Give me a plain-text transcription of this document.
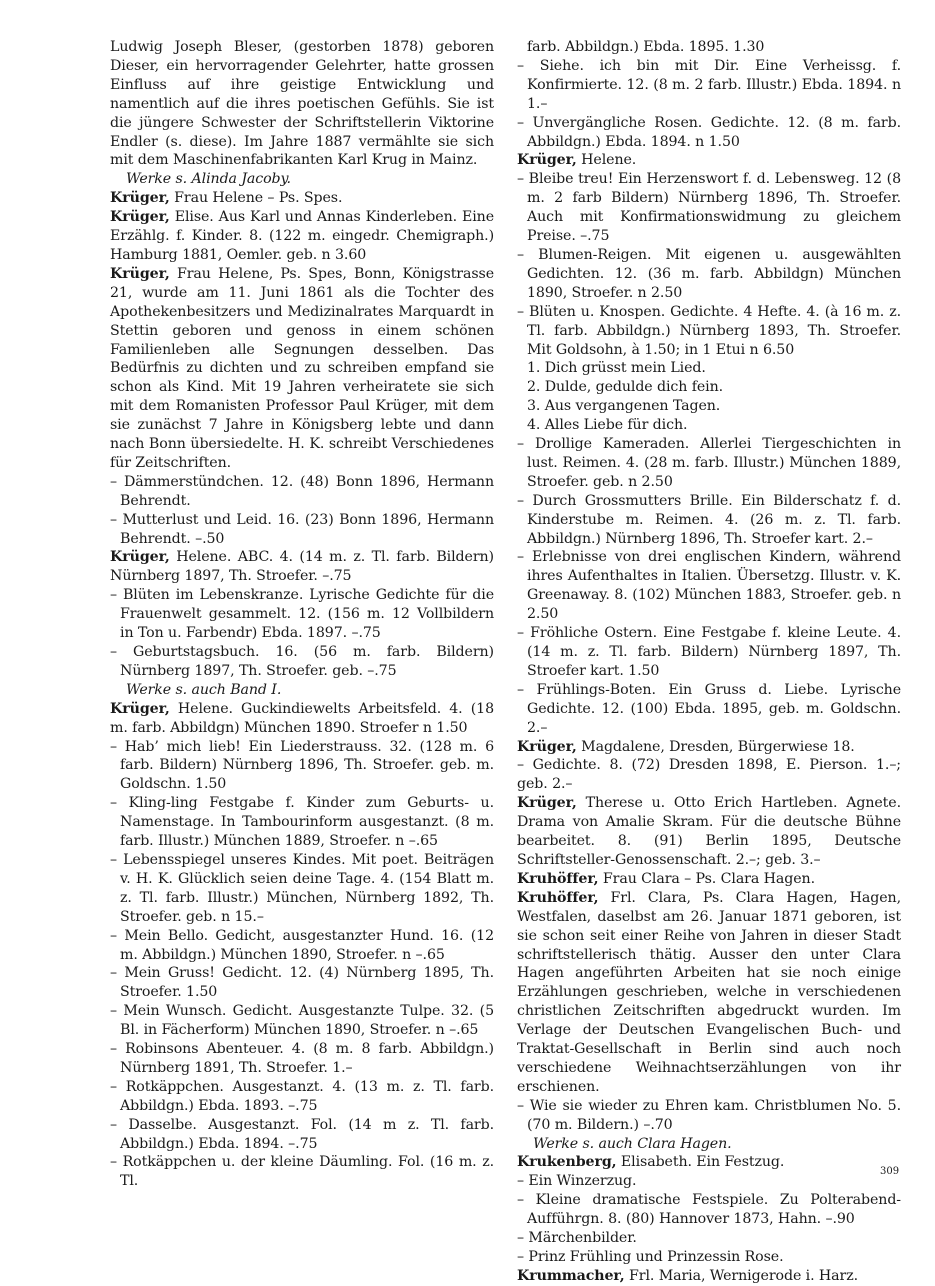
Ludwig Joseph Bleser, (gestorben 1878) geboren Dieser, ein hervorragender Gelehrter, hatte grossen Einfluss auf ihre geistige Entwicklung und namentlich auf die ihres poetischen Gefühls. Sie ist die jüngere Schwester der Schriftstellerin Viktorine Endler (s. diese). Im Jahre 1887 vermählte sie sich mit dem Maschinenfabrikanten Karl Krug in Mainz.
Werke s. Alinda Jacoby.
Krüger, Frau Helene – Ps. Spes.
Krüger, Elise. Aus Karl und Annas Kinderleben. Eine Erzählg. f. Kinder. 8. (122 m. eingedr. Chemigraph.) Hamburg 1881, Oemler. geb. n 3.60
Krüger, Frau Helene, Ps. Spes, Bonn, Königstrasse 21, wurde am 11. Juni 1861 als die Tochter des Apothekenbesitzers und Medizinalrates Marquardt in Stettin geboren und genoss in einem schönen Familienleben alle Segnungen desselben. Das Bedürfnis zu dichten und zu schreiben empfand sie schon als Kind. Mit 19 Jahren verheiratete sie sich mit dem Romanisten Professor Paul Krüger, mit dem sie zunächst 7 Jahre in Königsberg lebte und dann nach Bonn übersiedelte. H. K. schreibt Verschiedenes für Zeitschriften.
– Dämmerstündchen. 12. (48) Bonn 1896, Hermann Behrendt.
– Mutterlust und Leid. 16. (23) Bonn 1896, Hermann Behrendt. –.50
Krüger, Helene. ABC. 4. (14 m. z. Tl. farb. Bildern) Nürnberg 1897, Th. Stroefer. –.75
– Blüten im Lebenskranze. Lyrische Gedichte für die Frauenwelt gesammelt. 12. (156 m. 12 Vollbildern in Ton u. Farbendr) Ebda. 1897. –.75
– Geburtstagsbuch. 16. (56 m. farb. Bildern) Nürnberg 1897, Th. Stroefer. geb. –.75
Werke s. auch Band I.
Krüger, Helene. Guckindiewelts Arbeitsfeld. 4. (18 m. farb. Abbildgn) München 1890. Stroefer n 1.50
– Hab’ mich lieb! Ein Liederstrauss. 32. (128 m. 6 farb. Bildern) Nürnberg 1896, Th. Stroefer. geb. m. Goldschn. 1.50
– Kling-ling Festgabe f. Kinder zum Geburts- u. Namenstage. In Tambourinform ausgestanzt. (8 m. farb. Illustr.) München 1889, Stroefer. n –.65
– Lebensspiegel unseres Kindes. Mit poet. Beiträgen v. H. K. Glücklich seien deine Tage. 4. (154 Blatt m. z. Tl. farb. Illustr.) München, Nürnberg 1892, Th. Stroefer. geb. n 15.–
– Mein Bello. Gedicht, ausgestanzter Hund. 16. (12 m. Abbildgn.) München 1890, Stroefer. n –.65
– Mein Gruss! Gedicht. 12. (4) Nürnberg 1895, Th. Stroefer. 1.50
– Mein Wunsch. Gedicht. Ausgestanzte Tulpe. 32. (5 Bl. in Fächerform) München 1890, Stroefer. n –.65
– Robinsons Abenteuer. 4. (8 m. 8 farb. Abbildgn.) Nürnberg 1891, Th. Stroefer. 1.–
– Rotkäppchen. Ausgestanzt. 4. (13 m. z. Tl. farb. Abbildgn.) Ebda. 1893. –.75
– Dasselbe. Ausgestanzt. Fol. (14 m z. Tl. farb. Abbildgn.) Ebda. 1894. –.75
– Rotkäppchen u. der kleine Däumling. Fol. (16 m. z. Tl.
farb. Abbildgn.) Ebda. 1895. 1.30
– Siehe. ich bin mit Dir. Eine Verheissg. f. Konfirmierte. 12. (8 m. 2 farb. Illustr.) Ebda. 1894. n 1.–
– Unvergängliche Rosen. Gedichte. 12. (8 m. farb. Abbildgn.) Ebda. 1894. n 1.50
Krüger, Helene.
– Bleibe treu! Ein Herzenswort f. d. Lebensweg. 12 (8 m. 2 farb Bildern) Nürnberg 1896, Th. Stroefer. Auch mit Konfirmationswidmung zu gleichem Preise. –.75
– Blumen-Reigen. Mit eigenen u. ausgewählten Gedichten. 12. (36 m. farb. Abbildgn) München 1890, Stroefer. n 2.50
– Blüten u. Knospen. Gedichte. 4 Hefte. 4. (à 16 m. z. Tl. farb. Abbildgn.) Nürnberg 1893, Th. Stroefer. Mit Goldsohn, à 1.50; in 1 Etui n 6.50
1. Dich grüsst mein Lied.
2. Dulde, gedulde dich fein.
3. Aus vergangenen Tagen.
4. Alles Liebe für dich.
– Drollige Kameraden. Allerlei Tiergeschichten in lust. Reimen. 4. (28 m. farb. Illustr.) München 1889, Stroefer. geb. n 2.50
– Durch Grossmutters Brille. Ein Bilderschatz f. d. Kinderstube m. Reimen. 4. (26 m. z. Tl. farb. Abbildgn.) Nürnberg 1896, Th. Stroefer kart. 2.–
– Erlebnisse von drei englischen Kindern, während ihres Aufenthaltes in Italien. Übersetzg. Illustr. v. K. Greenaway. 8. (102) München 1883, Stroefer. geb. n 2.50
– Fröhliche Ostern. Eine Festgabe f. kleine Leute. 4. (14 m. z. Tl. farb. Bildern) Nürnberg 1897, Th. Stroefer kart. 1.50
– Frühlings-Boten. Ein Gruss d. Liebe. Lyrische Gedichte. 12. (100) Ebda. 1895, geb. m. Goldschn. 2.–
Krüger, Magdalene, Dresden, Bürgerwiese 18.
– Gedichte. 8. (72) Dresden 1898, E. Pierson. 1.–; geb. 2.–
Krüger, Therese u. Otto Erich Hartleben. Agnete. Drama von Amalie Skram. Für die deutsche Bühne bearbeitet. 8. (91) Berlin 1895, Deutsche Schriftsteller-Genossenschaft. 2.–; geb. 3.–
Kruhöffer, Frau Clara – Ps. Clara Hagen.
Kruhöffer, Frl. Clara, Ps. Clara Hagen, Hagen, Westfalen, daselbst am 26. Januar 1871 geboren, ist sie schon seit einer Reihe von Jahren in dieser Stadt schriftstellerisch thätig. Ausser den unter Clara Hagen angeführten Arbeiten hat sie noch einige Erzählungen geschrieben, welche in verschiedenen christlichen Zeitschriften abgedruckt wurden. Im Verlage der Deutschen Evangelischen Buch- und Traktat-Gesellschaft in Berlin sind auch noch verschiedene Weihnachtserzählungen von ihr erschienen.
– Wie sie wieder zu Ehren kam. Christblumen No. 5. (70 m. Bildern.) –.70
Werke s. auch Clara Hagen.
Krukenberg, Elisabeth. Ein Festzug.
– Ein Winzerzug.
– Kleine dramatische Festspiele. Zu Polterabend-Aufführgn. 8. (80) Hannover 1873, Hahn. –.90
– Märchenbilder.
– Prinz Frühling und Prinzessin Rose.
Krummacher, Frl. Maria, Wernigerode i. Harz.
309
